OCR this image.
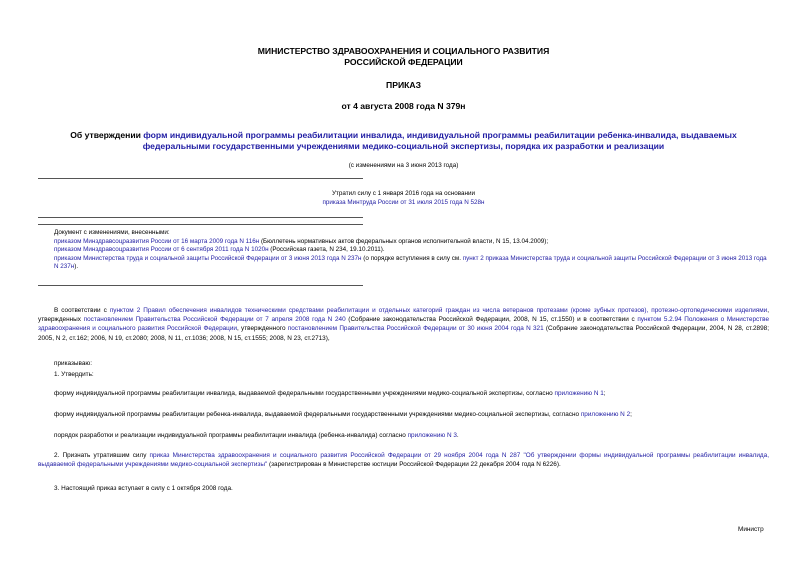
МИНИСТЕРСТВО ЗДРАВООХРАНЕНИЯ И СОЦИАЛЬНОГО РАЗВИТИЯ
РОССИЙСКОЙ ФЕДЕРАЦИИ
ПРИКАЗ
от 4 августа 2008 года N 379н
Об утверждении форм индивидуальной программы реабилитации инвалида, индивидуальной программы реабилитации ребенка-инвалида, выдаваемых
федеральными государственными учреждениями медико-социальной экспертизы, порядка их разработки и реализации
(с изменениями на 3 июня 2013 года)
Утратил силу с 1 января 2016 года на основании
приказа Минтруда России от 31 июля 2015 года N 528н
Документ с изменениями, внесенными:
приказом Минздравсоцразвития России от 16 марта 2009 года N 116н (Бюллетень нормативных актов федеральных органов исполнительной власти, N 15, 13.04.2009);
приказом Минздравсоцразвития России от 6 сентября 2011 года N 1020н (Российская газета, N 234, 19.10.2011).
приказом Министерства труда и социальной защиты Российской Федерации от 3 июня 2013 года N 237н (о порядке вступления в силу см. пункт 2 приказа Министерства труда и социальной защиты Российской Федерации от 3 июня 2013 года N 237н).
В соответствии с пунктом 2 Правил обеспечения инвалидов техническими средствами реабилитации и отдельных категорий граждан из числа ветеранов протезами (кроме зубных протезов), протезно-ортопедическими изделиями, утвержденных постановлением Правительства Российской Федерации от 7 апреля 2008 года N 240 (Собрание законодательства Российской Федерации, 2008, N 15, ст.1550) и в соответствии с пунктом 5.2.94 Положения о Министерстве здравоохранения и социального развития Российской Федерации, утвержденного постановлением Правительства Российской Федерации от 30 июня 2004 года N 321 (Собрание законодательства Российской Федерации, 2004, N 28, ст.2898; 2005, N 2, ст.162; 2006, N 19, ст.2080; 2008, N 11, ст.1036; 2008, N 15, ст.1555; 2008, N 23, ст.2713),
приказываю:
1. Утвердить:
форму индивидуальной программы реабилитации инвалида, выдаваемой федеральными государственными учреждениями медико-социальной экспертизы, согласно приложению N 1;
форму индивидуальной программы реабилитации ребенка-инвалида, выдаваемой федеральными государственными учреждениями медико-социальной экспертизы, согласно приложению N 2;
порядок разработки и реализации индивидуальной программы реабилитации инвалида (ребенка-инвалида) согласно приложению N 3.
2. Признать утратившим силу приказ Министерства здравоохранения и социального развития Российской Федерации от 29 ноября 2004 года N 287 "Об утверждении формы индивидуальной программы реабилитации инвалида, выдаваемой федеральными учреждениями медико-социальной экспертизы" (зарегистрирован в Министерстве юстиции Российской Федерации 22 декабря 2004 года N 6226).
3. Настоящий приказ вступает в силу с 1 октября 2008 года.
Министр
